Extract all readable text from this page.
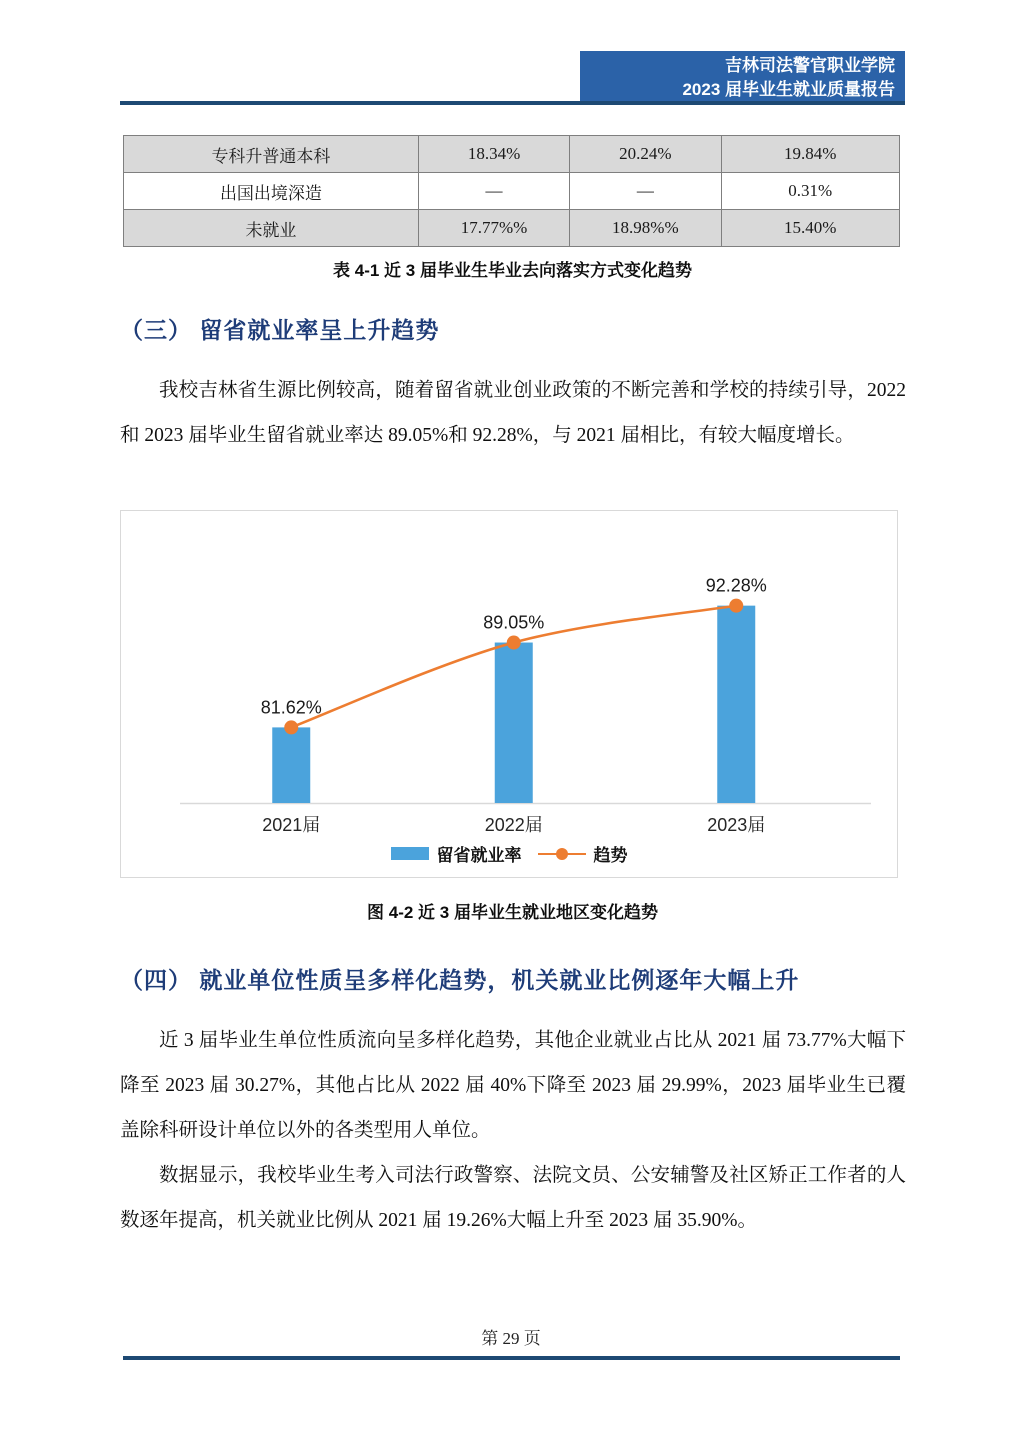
吉林司法警官职业学院
2023 届毕业生就业质量报告
专科升普通本科	18.34%	20.24%	19.84%
出国出境深造	—	—	0.31%
未就业	17.77%%	18.98%%	15.40%
表 4-1 近 3 届毕业生毕业去向落实方式变化趋势
（三） 留省就业率呈上升趋势
我校吉林省生源比例较高，随着留省就业创业政策的不断完善和学校的持续引导，2022 和 2023 届毕业生留省就业率达 89.05%和 92.28%，与 2021 届相比，有较大幅度增长。
81.62%
89.05%
92.28%
2021届	2022届	2023届
留省就业率	趋势
图 4-2 近 3 届毕业生就业地区变化趋势
（四） 就业单位性质呈多样化趋势，机关就业比例逐年大幅上升
近 3 届毕业生单位性质流向呈多样化趋势，其他企业就业占比从 2021 届 73.77%大幅下降至 2023 届 30.27%，其他占比从 2022 届 40%下降至 2023 届 29.99%，2023 届毕业生已覆盖除科研设计单位以外的各类型用人单位。
数据显示，我校毕业生考入司法行政警察、法院文员、公安辅警及社区矫正工作者的人数逐年提高，机关就业比例从 2021 届 19.26%大幅上升至 2023 届 35.90%。
第 29 页
